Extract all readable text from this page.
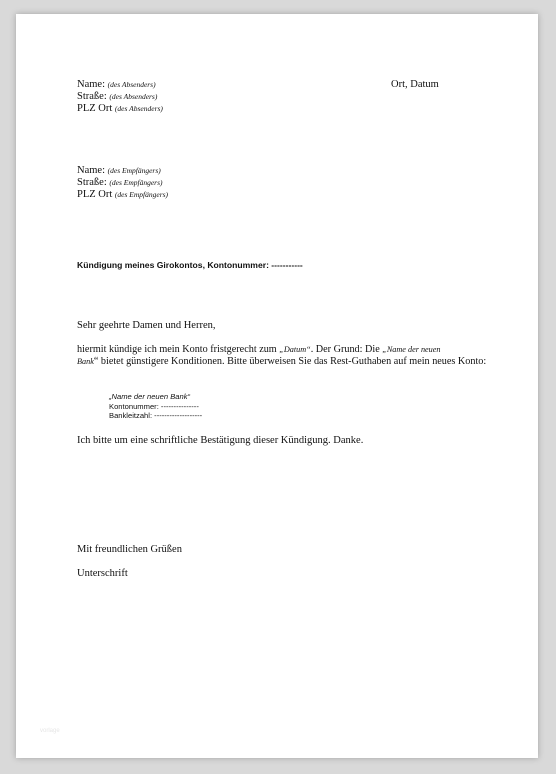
Name: (des Absenders)
Straße: (des Absenders)
PLZ Ort (des Absenders)
Ort, Datum
Name: (des Empfängers)
Straße: (des Empfängers)
PLZ Ort (des Empfängers)
Kündigung meines Girokontos, Kontonummer: -----------
Sehr geehrte Damen und Herren,
hiermit kündige ich mein Konto fristgerecht zum „Datum“. Der Grund: Die „Name der neuen
Bank“ bietet günstigere Konditionen. Bitte überweisen Sie das Rest-Guthaben auf mein neues Konto:
„Name der neuen Bank“
Kontonummer: ---------------
Bankleitzahl: -------------------
Ich bitte um eine schriftliche Bestätigung dieser Kündigung. Danke.
Mit freundlichen Grüßen
Unterschrift
vorlage
